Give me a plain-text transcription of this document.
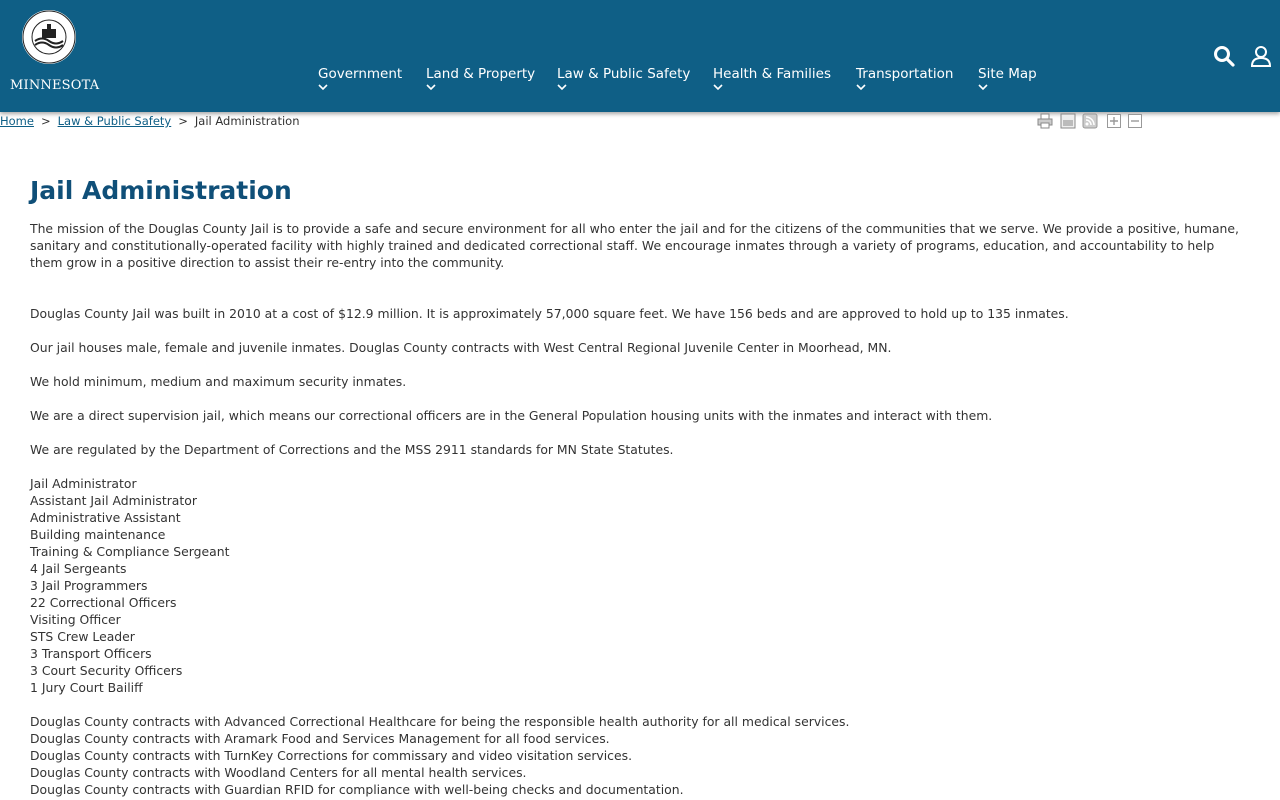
MINNESOTA
Government Land & Property Law & Public Safety Health & Families Transportation Site Map
Home > Law & Public Safety > Jail Administration
Jail Administration

The mission of the Douglas County Jail is to provide a safe and secure environment for all who enter the jail and for the citizens of the communities that we serve. We provide a positive, humane, sanitary and constitutionally-operated facility with highly trained and dedicated correctional staff. We encourage inmates through a variety of programs, education, and accountability to help them grow in a positive direction to assist their re-entry into the community.

Douglas County Jail was built in 2010 at a cost of $12.9 million. It is approximately 57,000 square feet. We have 156 beds and are approved to hold up to 135 inmates.

Our jail houses male, female and juvenile inmates. Douglas County contracts with West Central Regional Juvenile Center in Moorhead, MN.

We hold minimum, medium and maximum security inmates.

We are a direct supervision jail, which means our correctional officers are in the General Population housing units with the inmates and interact with them.

We are regulated by the Department of Corrections and the MSS 2911 standards for MN State Statutes.

Jail Administrator
Assistant Jail Administrator
Administrative Assistant
Building maintenance
Training & Compliance Sergeant
4 Jail Sergeants
3 Jail Programmers
22 Correctional Officers
Visiting Officer
STS Crew Leader
3 Transport Officers
3 Court Security Officers
1 Jury Court Bailiff
Douglas County contracts with Advanced Correctional Healthcare for being the responsible health authority for all medical services.
Douglas County contracts with Aramark Food and Services Management for all food services.
Douglas County contracts with TurnKey Corrections for commissary and video visitation services.
Douglas County contracts with Woodland Centers for all mental health services.
Douglas County contracts with Guardian RFID for compliance with well-being checks and documentation.
